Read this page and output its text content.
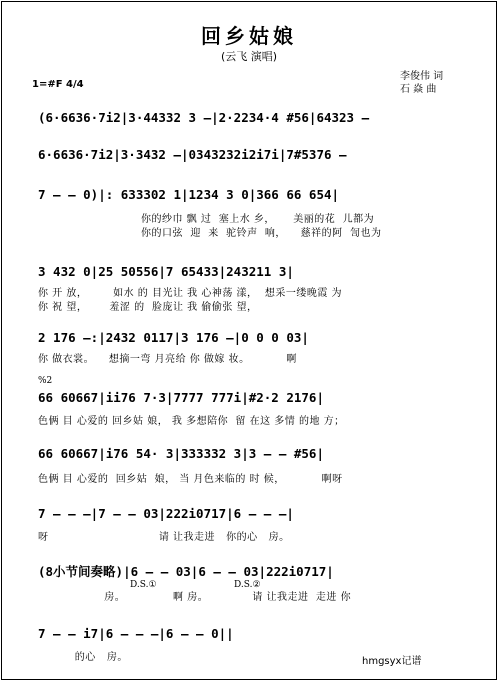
回乡姑娘
(云飞 演唱)
1=#F 4/4
李俊伟 词
石 焱 曲
(6·6636·7i2|3·44332 3 –|2·2234·4 #56|64323 –
6·6636·7i2|3·3432 –|0343232i2i7i|7#5376 –
7 – – 0)|: 633302 1|1234 3 0|366 66 654|
你的纱巾 飘 过  塞上水 乡，     美丽的花  儿都为
你的口弦  迎  来  驼铃声  响，    慈祥的阿  訇也为
3 432 0|25 50556|7 65433|243211 3|
你 开 放，       如水 的 目光让 我 心神荡 漾，  想采一缕晚霞 为
你 祝 望，      羞涩 的  脸庞让 我 偷偷张 望，
2 176 –:|2432 0117|3 176 –|0 0 0 03|
你 做衣裳。    想摘一弯 月亮给 你 做嫁 妆。          啊
%2
66 60667|ii76 7·3|7777 777i|#2·2 2176|
色俩 目 心爱的 回乡姑 娘， 我 多想陪你  留 在这 多情 的地 方；
66 60667|i76 54· 3|333332 3|3 – – #56|
色俩 目 心爱的  回乡姑  娘， 当 月色来临的 时 候，          啊呀
7 – – –|7 – – 03|222i0717|6 – – –|
呀                              请 让我走进   你的心   房。
(8小节间奏略)|6 – – 03|6 – – 03|222i0717|
D.S.①	D.S.②
房。             啊 房。            请 让我走进  走进 你
7 – – i7|6 – – –|6 – – 0||
的心   房。	hmgsyx记谱
